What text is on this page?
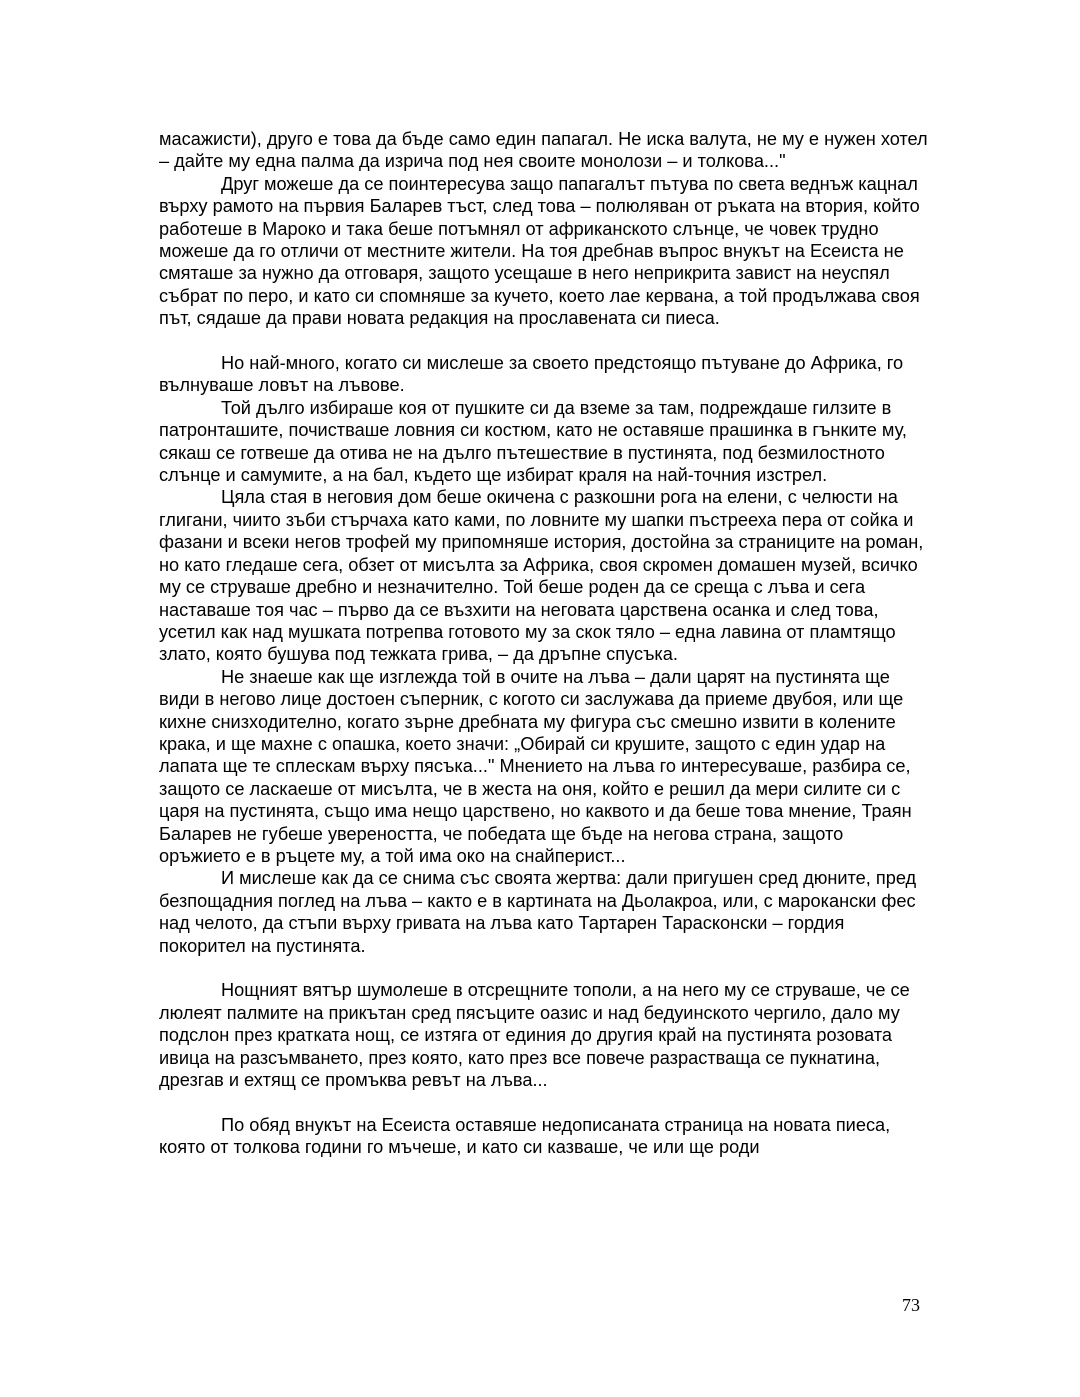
масажисти), друго е това да бъде само един папагал. Не иска валута, не му е нужен хотел – дайте му една палма да изрича под нея своите монолози – и толкова..."

Друг можеше да се поинтересува защо папагалът пътува по света веднъж кацнал върху рамото на първия Баларев тъст, след това – полюляван от ръката на втория, който работеше в Мароко и така беше потъмнял от африканското слънце, че човек трудно можеше да го отличи от местните жители. На тоя дребнав въпрос внукът на Есеиста не смяташе за нужно да отговаря, защото усещаше в него неприкрита завист на неуспял събрат по перо, и като си спомняше за кучето, което лае кервана, а той продължава своя път, сядаше да прави новата редакция на прославената си пиеса.

Но най-много, когато си мислеше за своето предстоящо пътуване до Африка, го вълнуваше ловът на лъвове.

Той дълго избираше коя от пушките си да вземе за там, подреждаше гилзите в патронташите, почистваше ловния си костюм, като не оставяше прашинка в гънките му, сякаш се готвеше да отива не на дълго пътешествие в пустинята, под безмилостното слънце и самумите, а на бал, където ще избират краля на най-точния изстрел.

Цяла стая в неговия дом беше окичена с разкошни рога на елени, с челюсти на глигани, чиито зъби стърчаха като ками, по ловните му шапки пъстрееха пера от сойка и фазани и всеки негов трофей му припомняше история, достойна за страниците на роман, но като гледаше сега, обзет от мисълта за Африка, своя скромен домашен музей, всичко му се струваше дребно и незначително. Той беше роден да се среща с лъва и сега наставаше тоя час – първо да се възхити на неговата царствена осанка и след това, усетил как над мушката потрепва готовото му за скок тяло – една лавина от пламтящо злато, която бушува под тежката грива, – да дръпне спусъка.

Не знаеше как ще изглежда той в очите на лъва – дали царят на пустинята ще види в негово лице достоен съперник, с когото си заслужава да приеме двубоя, или ще кихне снизходително, когато зърне дребната му фигура със смешно извити в колените крака, и ще махне с опашка, което значи: „Обирай си крушите, защото с един удар на лапата ще те сплескам върху пясъка..." Мнението на лъва го интересуваше, разбира се, защото се ласкаеше от мисълта, че в жеста на оня, който е решил да мери силите си с царя на пустинята, също има нещо царствено, но каквото и да беше това мнение, Траян Баларев не губеше увереността, че победата ще бъде на негова страна, защото оръжието е в ръцете му, а той има око на снайперист...

И мислеше как да се снима със своята жертва: дали пригушен сред дюните, пред безпощадния поглед на лъва – както е в картината на Дьолакроа, или, с марокански фес над челото, да стъпи върху гривата на лъва като Тартарен Тарасконски – гордия покорител на пустинята.

Нощният вятър шумолеше в отсрещните тополи, а на него му се струваше, че се люлеят палмите на прикътан сред пясъците оазис и над бедуинското чергило, дало му подслон през кратката нощ, се изтяга от единия до другия край на пустинята розовата ивица на разсъмването, през която, като през все повече разрастваща се пукнатина, дрезгав и ехтящ се промъква ревът на лъва...

По обяд внукът на Есеиста оставяше недописаната страница на новата пиеса, която от толкова години го мъчеше, и като си казваше, че или ще роди

73
